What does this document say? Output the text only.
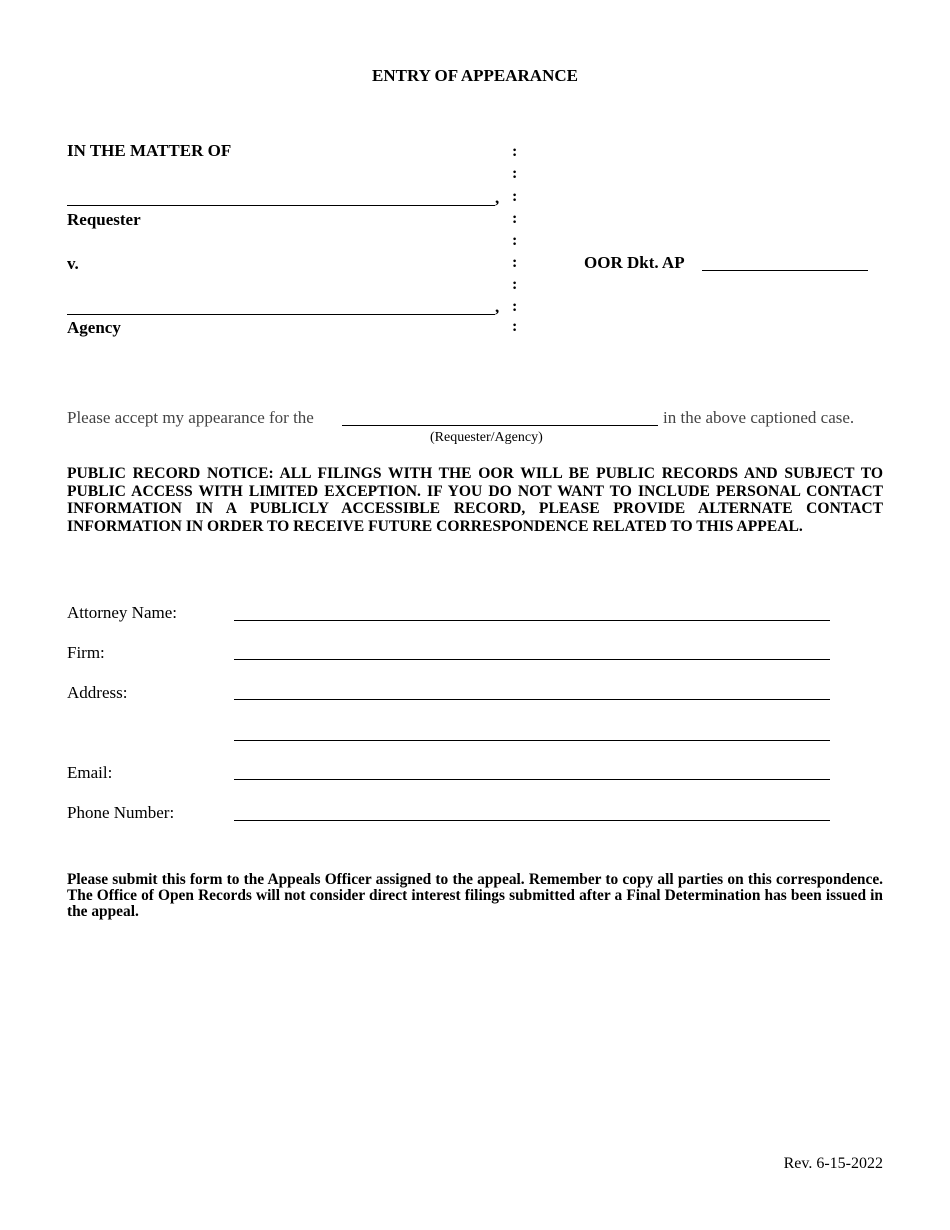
ENTRY OF APPEARANCE
IN THE MATTER OF
,
Requester
v.
,
Agency
:
:
:
:
:
:
:
:
:
OOR Dkt. AP
Please accept my appearance for the	in the above captioned case.
(Requester/Agency)
PUBLIC RECORD NOTICE: ALL FILINGS WITH THE OOR WILL BE PUBLIC RECORDS AND SUBJECT TO PUBLIC ACCESS WITH LIMITED EXCEPTION. IF YOU DO NOT WANT TO INCLUDE PERSONAL CONTACT INFORMATION IN A PUBLICLY ACCESSIBLE RECORD, PLEASE PROVIDE ALTERNATE CONTACT INFORMATION IN ORDER TO RECEIVE FUTURE CORRESPONDENCE RELATED TO THIS APPEAL.
Attorney Name:
Firm:
Address:
Email:
Phone Number:
Please submit this form to the Appeals Officer assigned to the appeal. Remember to copy all parties on this correspondence. The Office of Open Records will not consider direct interest filings submitted after a Final Determination has been issued in the appeal.
Rev. 6-15-2022
